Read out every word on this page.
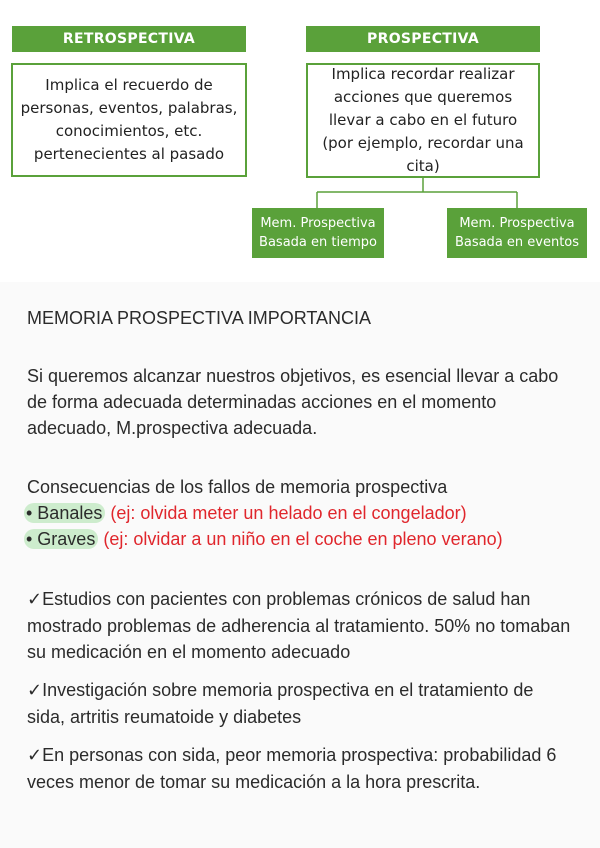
RETROSPECTIVA
Implica el recuerdo de
personas, eventos, palabras,
conocimientos, etc.
pertenecientes al pasado
PROSPECTIVA
Implica recordar realizar
acciones que queremos
llevar a cabo en el futuro
(por ejemplo, recordar una
cita)
Mem. Prospectiva
Basada en tiempo
Mem. Prospectiva
Basada en eventos
MEMORIA PROSPECTIVA IMPORTANCIA

Si queremos alcanzar nuestros objetivos, es esencial llevar a cabo de forma adecuada determinadas acciones en el momento adecuado, M.prospectiva adecuada.

Consecuencias de los fallos de memoria prospectiva

• Banales (ej: olvida meter un helado en el congelador)
• Graves (ej: olvidar a un niño en el coche en pleno verano)

✓Estudios con pacientes con problemas crónicos de salud han mostrado problemas de adherencia al tratamiento. 50% no tomaban su medicación en el momento adecuado

✓Investigación sobre memoria prospectiva en el tratamiento de sida, artritis reumatoide y diabetes

✓En personas con sida, peor memoria prospectiva: probabilidad 6 veces menor de tomar su medicación a la hora prescrita.
